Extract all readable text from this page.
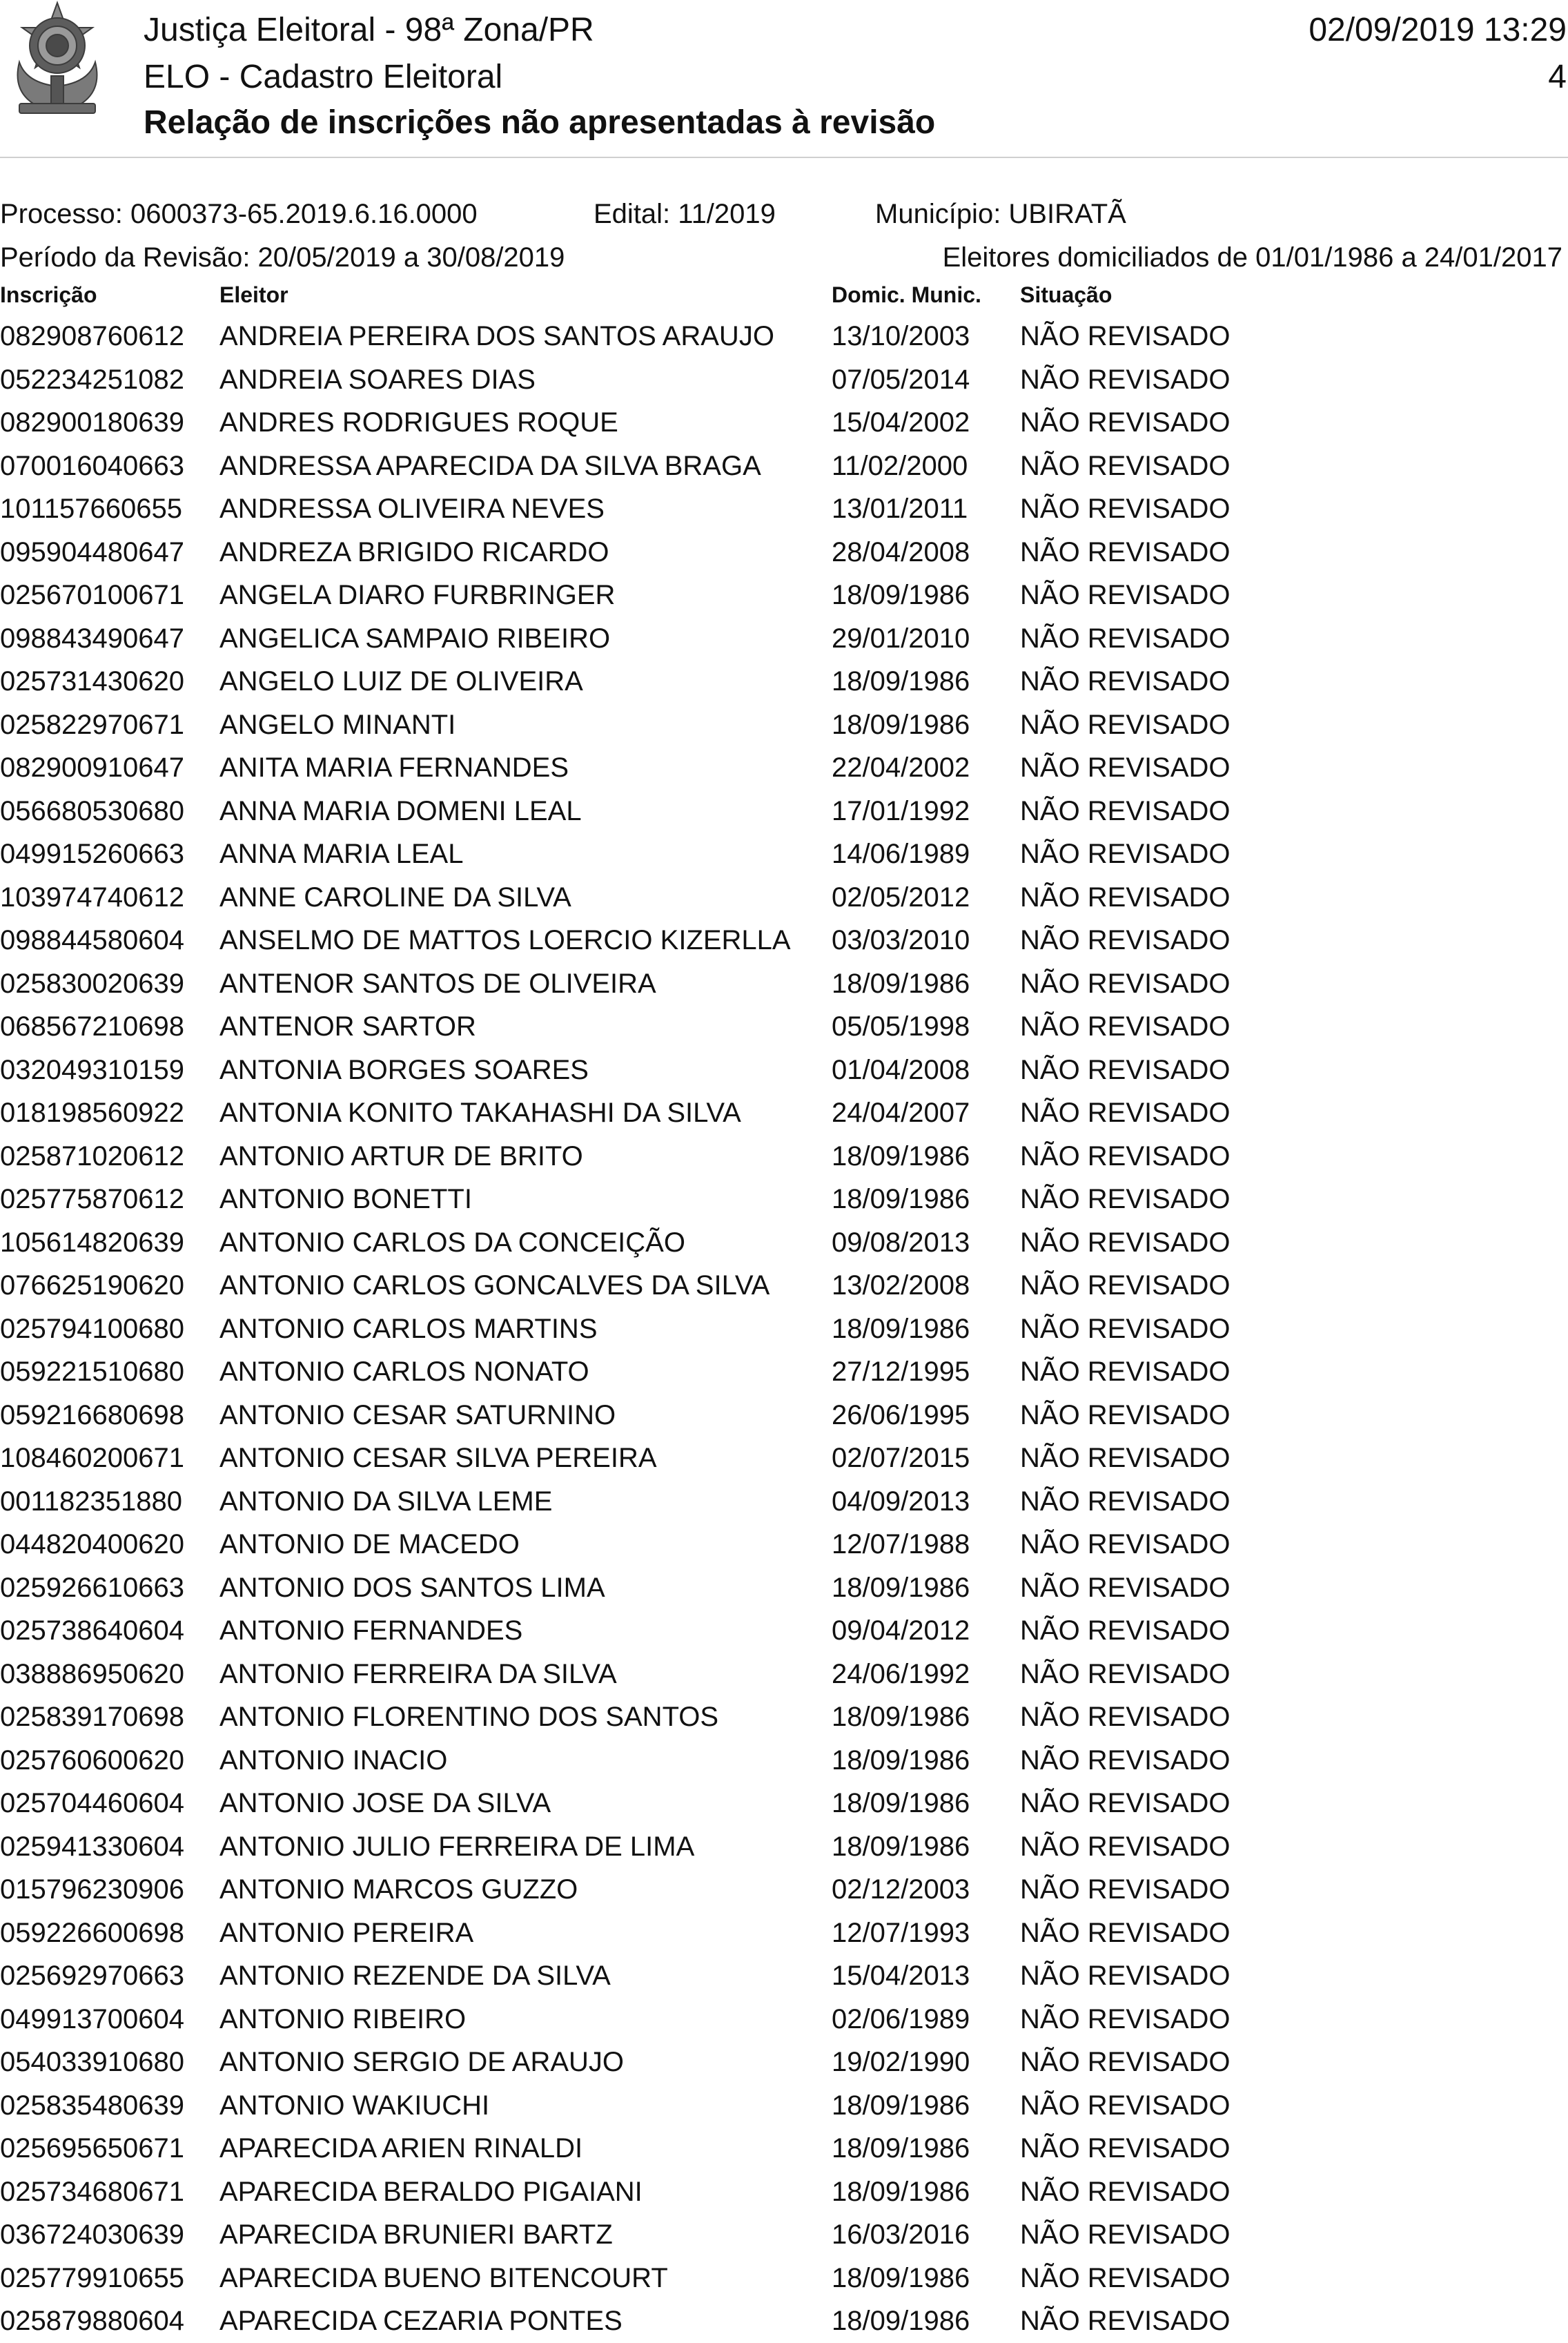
Justiça Eleitoral - 98ª Zona/PR
ELO - Cadastro Eleitoral
Relação de inscrições não apresentadas à revisão
02/09/2019 13:29
4
Processo: 0600373-65.2019.6.16.0000	Edital: 11/2019	Município: UBIRATÃ
Período da Revisão: 20/05/2019 a 30/08/2019	Eleitores domiciliados de 01/01/1986 a 24/01/2017
Inscrição	Eleitor	Domic. Munic. Situação
082908760612 ANDREIA PEREIRA DOS SANTOS ARAUJO 13/10/2003 NÃO REVISADO
052234251082 ANDREIA SOARES DIAS	07/05/2014 NÃO REVISADO
082900180639 ANDRES RODRIGUES ROQUE	15/04/2002 NÃO REVISADO
070016040663 ANDRESSA APARECIDA DA SILVA BRAGA	11/02/2000 NÃO REVISADO
101157660655 ANDRESSA OLIVEIRA NEVES	13/01/2011 NÃO REVISADO
095904480647 ANDREZA BRIGIDO RICARDO	28/04/2008 NÃO REVISADO
025670100671 ANGELA DIARO FURBRINGER	18/09/1986 NÃO REVISADO
098843490647 ANGELICA SAMPAIO RIBEIRO	29/01/2010 NÃO REVISADO
025731430620 ANGELO LUIZ DE OLIVEIRA	18/09/1986 NÃO REVISADO
025822970671 ANGELO MINANTI	18/09/1986 NÃO REVISADO
082900910647 ANITA MARIA FERNANDES	22/04/2002 NÃO REVISADO
056680530680 ANNA MARIA DOMENI LEAL	17/01/1992 NÃO REVISADO
049915260663 ANNA MARIA LEAL	14/06/1989 NÃO REVISADO
103974740612 ANNE CAROLINE DA SILVA	02/05/2012 NÃO REVISADO
098844580604 ANSELMO DE MATTOS LOERCIO KIZERLLA 03/03/2010 NÃO REVISADO
025830020639 ANTENOR SANTOS DE OLIVEIRA	18/09/1986 NÃO REVISADO
068567210698 ANTENOR SARTOR	05/05/1998 NÃO REVISADO
032049310159 ANTONIA BORGES SOARES	01/04/2008 NÃO REVISADO
018198560922 ANTONIA KONITO TAKAHASHI DA SILVA	24/04/2007 NÃO REVISADO
025871020612 ANTONIO ARTUR DE BRITO	18/09/1986 NÃO REVISADO
025775870612 ANTONIO BONETTI	18/09/1986 NÃO REVISADO
105614820639 ANTONIO CARLOS DA CONCEIÇÃO	09/08/2013 NÃO REVISADO
076625190620 ANTONIO CARLOS GONCALVES DA SILVA 13/02/2008 NÃO REVISADO
025794100680 ANTONIO CARLOS MARTINS	18/09/1986 NÃO REVISADO
059221510680 ANTONIO CARLOS NONATO	27/12/1995 NÃO REVISADO
059216680698 ANTONIO CESAR SATURNINO	26/06/1995 NÃO REVISADO
108460200671 ANTONIO CESAR SILVA PEREIRA	02/07/2015 NÃO REVISADO
001182351880 ANTONIO DA SILVA LEME	04/09/2013 NÃO REVISADO
044820400620 ANTONIO DE MACEDO	12/07/1988 NÃO REVISADO
025926610663 ANTONIO DOS SANTOS LIMA	18/09/1986 NÃO REVISADO
025738640604 ANTONIO FERNANDES	09/04/2012 NÃO REVISADO
038886950620 ANTONIO FERREIRA DA SILVA	24/06/1992 NÃO REVISADO
025839170698 ANTONIO FLORENTINO DOS SANTOS	18/09/1986 NÃO REVISADO
025760600620 ANTONIO INACIO	18/09/1986 NÃO REVISADO
025704460604 ANTONIO JOSE DA SILVA	18/09/1986 NÃO REVISADO
025941330604 ANTONIO JULIO FERREIRA DE LIMA	18/09/1986 NÃO REVISADO
015796230906 ANTONIO MARCOS GUZZO	02/12/2003 NÃO REVISADO
059226600698 ANTONIO PEREIRA	12/07/1993 NÃO REVISADO
025692970663 ANTONIO REZENDE DA SILVA	15/04/2013 NÃO REVISADO
049913700604 ANTONIO RIBEIRO	02/06/1989 NÃO REVISADO
054033910680 ANTONIO SERGIO DE ARAUJO	19/02/1990 NÃO REVISADO
025835480639 ANTONIO WAKIUCHI	18/09/1986 NÃO REVISADO
025695650671 APARECIDA ARIEN RINALDI	18/09/1986 NÃO REVISADO
025734680671 APARECIDA BERALDO PIGAIANI	18/09/1986 NÃO REVISADO
036724030639 APARECIDA BRUNIERI BARTZ	16/03/2016 NÃO REVISADO
025779910655 APARECIDA BUENO BITENCOURT	18/09/1986 NÃO REVISADO
025879880604 APARECIDA CEZARIA PONTES	18/09/1986 NÃO REVISADO
